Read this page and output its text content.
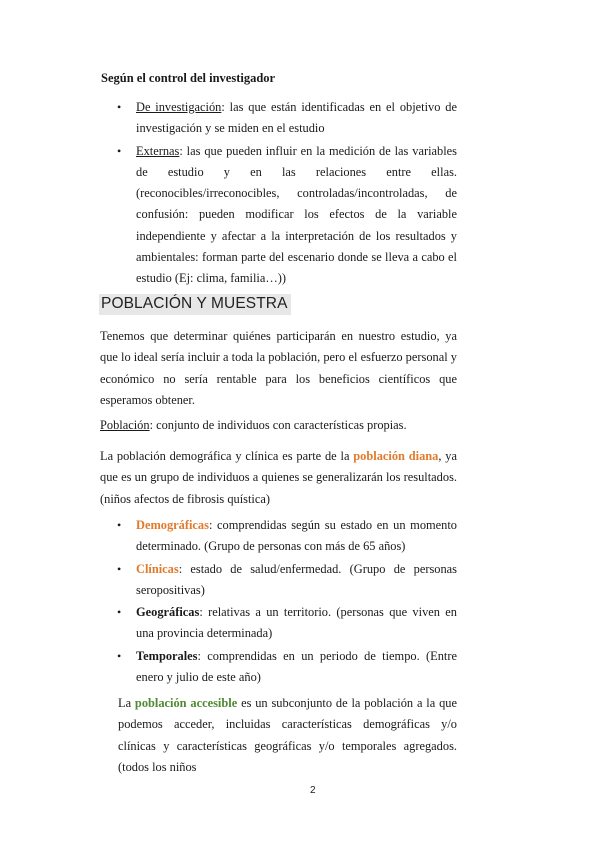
Según el control del investigador
• De investigación: las que están identificadas en el objetivo de investigación y se miden en el estudio
• Externas: las que pueden influir en la medición de las variables de estudio y en las relaciones entre ellas. (reconocibles/irreconocibles, controladas/incontroladas, de confusión: pueden modificar los efectos de la variable independiente y afectar a la interpretación de los resultados y ambientales: forman parte del escenario donde se lleva a cabo el estudio (Ej: clima, familia…))
POBLACIÓN Y MUESTRA

Tenemos que determinar quiénes participarán en nuestro estudio, ya que lo ideal sería incluir a toda la población, pero el esfuerzo personal y económico no sería rentable para los beneficios científicos que esperamos obtener.

Población: conjunto de individuos con características propias.

La población demográfica y clínica es parte de la población diana, ya que es un grupo de individuos a quienes se generalizarán los resultados. (niños afectos de fibrosis quística)

• Demográficas: comprendidas según su estado en un momento determinado. (Grupo de personas con más de 65 años)
• Clínicas: estado de salud/enfermedad. (Grupo de personas seropositivas)
• Geográficas: relativas a un territorio. (personas que viven en una provincia determinada)
• Temporales: comprendidas en un periodo de tiempo. (Entre enero y julio de este año)

La población accesible es un subconjunto de la población a la que podemos acceder, incluidas características demográficas y/o clínicas y características geográficas y/o temporales agregados. (todos los niños

2
